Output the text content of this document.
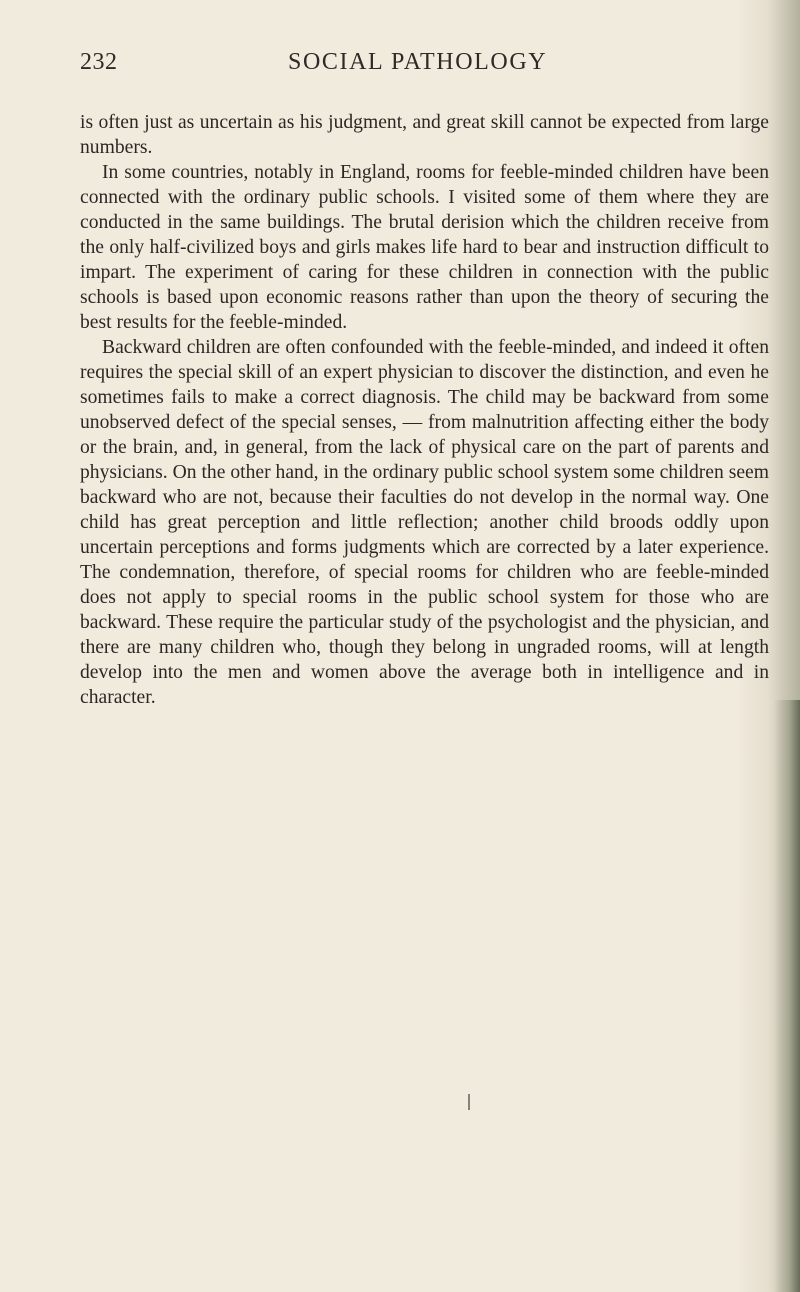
232	SOCIAL PATHOLOGY

is often just as uncertain as his judgment, and great skill cannot be expected from large numbers.

In some countries, notably in England, rooms for feeble-minded children have been connected with the ordinary public schools. I visited some of them where they are conducted in the same buildings. The brutal derision which the children receive from the only half-civilized boys and girls makes life hard to bear and instruction difficult to impart. The experiment of caring for these children in connection with the public schools is based upon economic reasons rather than upon the theory of securing the best results for the feeble-minded.

Backward children are often confounded with the feeble-minded, and indeed it often requires the special skill of an expert physician to discover the distinction, and even he sometimes fails to make a correct diagnosis. The child may be backward from some unobserved defect of the special senses, — from malnutrition affecting either the body or the brain, and, in general, from the lack of physical care on the part of parents and physicians. On the other hand, in the ordinary public school system some children seem backward who are not, because their faculties do not develop in the normal way. One child has great perception and little reflection; another child broods oddly upon uncertain perceptions and forms judgments which are corrected by a later experience. The condemnation, therefore, of special rooms for children who are feeble-minded does not apply to special rooms in the public school system for those who are backward. These require the particular study of the psychologist and the physician, and there are many children who, though they belong in ungraded rooms, will at length develop into the men and women above the average both in intelligence and in character.
